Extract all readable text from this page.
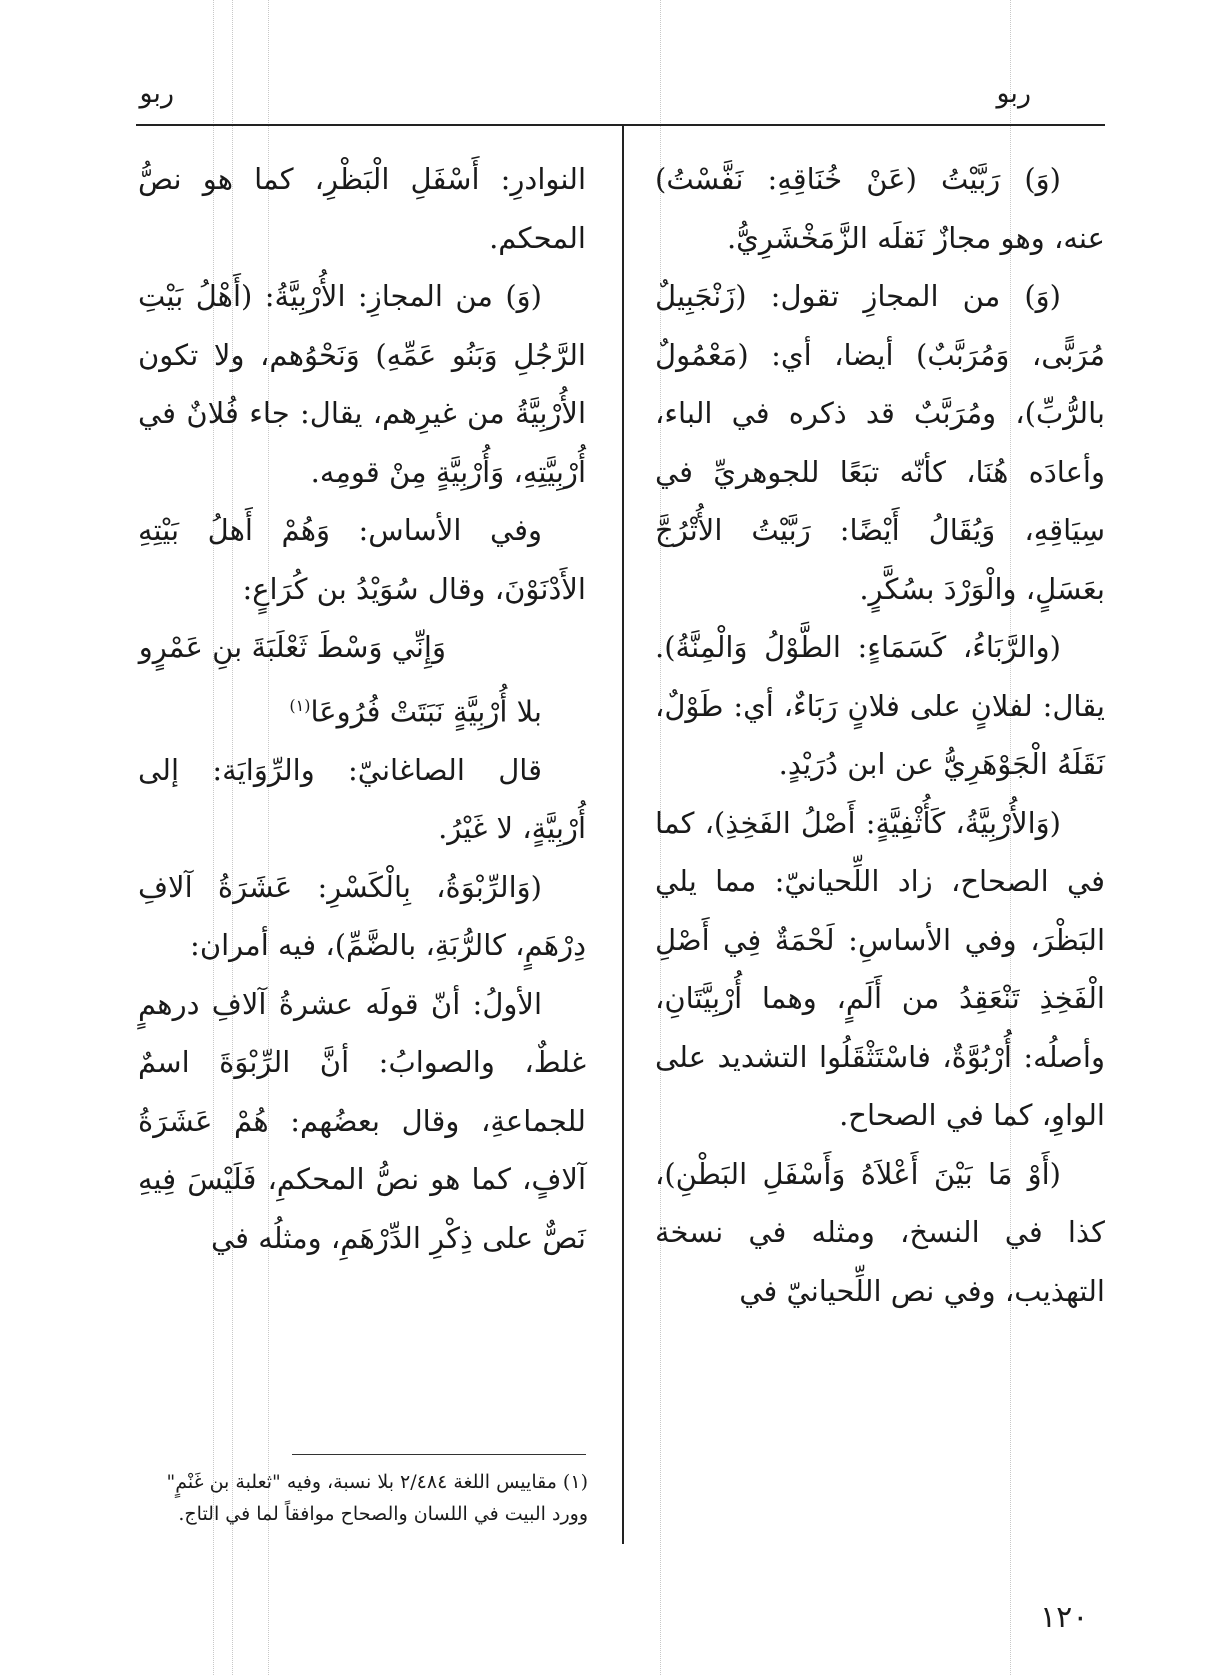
ربو	ربو

(وَ) رَبَّيْتُ (عَنْ خُنَاقِهِ: نَفَّسْتُ) عنه، وهو مجازٌ نَقلَه الزَّمَخْشَرِيُّ.

(وَ) من المجازِ تقول: (زَنْجَبِيلٌ مُرَبًّى، وَمُرَبَّبٌ) أيضا، أي: (مَعْمُولٌ بالرُّبِّ)، ومُرَبَّبٌ قد ذكره في الباء، وأعادَه هُنَا، كأنّه تبَعًا للجوهريِّ في سِيَاقِهِ، وَيُقَالُ أَيْضًا: رَبَّيْتُ الأُتْرُجَّ بعَسَلٍ، والْوَرْدَ بسُكَّرٍ.

(والرَّبَاءُ، كَسَمَاءٍ: الطَّوْلُ وَالْمِنَّةُ). يقال: لفلانٍ على فلانٍ رَبَاءٌ، أي: طَوْلٌ، نَقَلَهُ الْجَوْهَرِيُّ عن ابن دُرَيْدٍ.

(وَالأُرْبِيَّةُ، كَأُثْفِيَّةٍ: أَصْلُ الفَخِذِ)، كما في الصحاح، زاد اللِّحيانيّ: مما يلي البَظْرَ، وفي الأساسِ: لَحْمَةٌ فِي أَصْلِ الْفَخِذِ تَنْعَقِدُ من أَلَمٍ، وهما أُرْبِيَّتَانِ، وأصلُه: أُرْبُوَّةٌ، فاسْتَثْقَلُوا التشديد على الواوِ، كما في الصحاح.

(أَوْ مَا بَيْنَ أَعْلاَهُ وَأَسْفَلِ البَطْنِ)، كذا في النسخ، ومثله في نسخة التهذيب، وفي نص اللِّحيانيّ في

النوادرِ: أَسْفَلِ الْبَظْرِ، كما هو نصُّ المحكم.

(وَ) من المجازِ: الأُرْبِيَّةُ: (أَهْلُ بَيْتِ الرَّجُلِ وَبَنُو عَمِّهِ) وَنَحْوُهم، ولا تكون الأُرْبِيَّةُ من غيرِهم، يقال: جاء فُلانٌ في أُرْبِيَّتِهِ، وَأُرْبِيَّةٍ مِنْ قومِه.

وفي الأساس: وَهُمْ أَهلُ بَيْتِهِ الأَدْنَوْنَ، وقال سُوَيْدُ بن كُرَاعٍ:

وَإِنِّي وَسْطَ ثَعْلَبَةَ بنِ عَمْرٍو

بلا أُرْبِيَّةٍ نَبَتَتْ فُرُوعَا$^{(١)}$

قال الصاغانيّ: والرِّوَايَة: إلى أُرْبِيَّةٍ، لا غَيْرُ.

(وَالرِّبْوَةُ، بِالْكَسْرِ: عَشَرَةُ آلافِ دِرْهَمٍ، كالرُّبَةِ، بالضَّمِّ)، فيه أمران:

الأولُ: أنّ قولَه عشرةُ آلافِ درهمٍ غلطٌ، والصوابُ: أنَّ الرِّبْوَةَ اسمٌ للجماعةِ، وقال بعضُهم: هُمْ عَشَرَةُ آلافٍ، كما هو نصُّ المحكمِ، فَلَيْسَ فِيهِ نَصٌّ على ذِكْرِ الدِّرْهَمِ، ومثلُه في

(١) مقاييس اللغة ٢/٤٨٤ بلا نسبة، وفيه "ثعلبة بن غَنْمٍ"
وورد البيت في اللسان والصحاح موافقاً لما في التاج.
١٢٠
